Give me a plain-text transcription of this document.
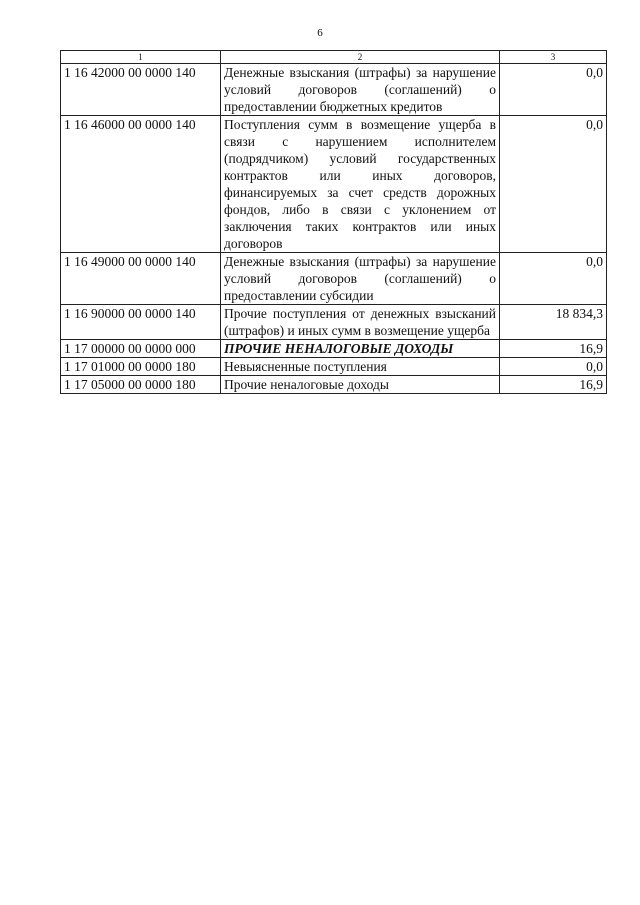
6
1	2	3
1 16 42000 00 0000 140	Денежные взыскания (штрафы) за нарушение условий договоров (соглашений) о предоставлении бюджетных кредитов	0,0
1 16 46000 00 0000 140	Поступления сумм в возмещение ущерба в связи с нарушением исполнителем (подрядчиком) условий государственных контрактов или иных договоров, финансируемых за счет средств дорожных фондов, либо в связи с уклонением от заключения таких контрактов или иных договоров	0,0
1 16 49000 00 0000 140	Денежные взыскания (штрафы) за нарушение условий договоров (соглашений) о предоставлении субсидии	0,0
1 16 90000 00 0000 140	Прочие поступления от денежных взысканий (штрафов) и иных сумм в возмещение ущерба	18 834,3
1 17 00000 00 0000 000	ПРОЧИЕ НЕНАЛОГОВЫЕ ДОХОДЫ	16,9
1 17 01000 00 0000 180	Невыясненные поступления	0,0
1 17 05000 00 0000 180	Прочие неналоговые доходы	16,9
